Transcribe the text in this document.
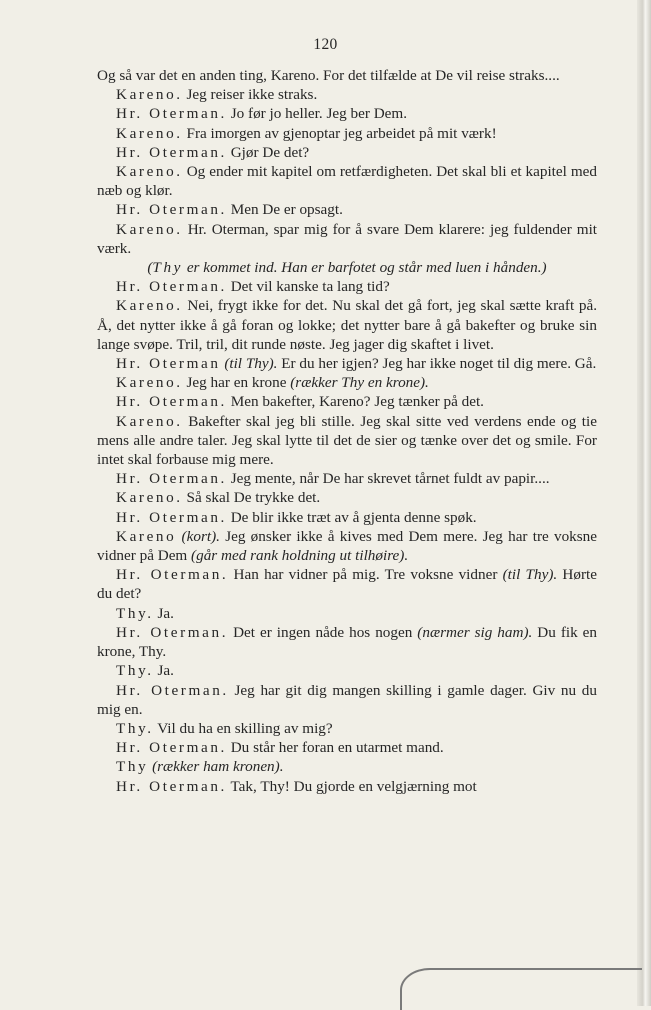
120

Og så var det en anden ting, Kareno. For det tilfælde at De vil reise straks....

Kareno. Jeg reiser ikke straks.

Hr. Oterman. Jo før jo heller. Jeg ber Dem.

Kareno. Fra imorgen av gjenoptar jeg arbeidet på mit værk!

Hr. Oterman. Gjør De det?

Kareno. Og ender mit kapitel om retfærdigheten. Det skal bli et kapitel med næb og klør.

Hr. Oterman. Men De er opsagt.

Kareno. Hr. Oterman, spar mig for å svare Dem klarere: jeg fuldender mit værk.

(Thy er kommet ind. Han er barfotet og står med luen i hånden.)

Hr. Oterman. Det vil kanske ta lang tid?

Kareno. Nei, frygt ikke for det. Nu skal det gå fort, jeg skal sætte kraft på. Å, det nytter ikke å gå foran og lokke; det nytter bare å gå bakefter og bruke sin lange svøpe. Tril, tril, dit runde nøste. Jeg jager dig skaftet i livet.

Hr. Oterman (til Thy). Er du her igjen? Jeg har ikke noget til dig mere. Gå.

Kareno. Jeg har en krone (rækker Thy en krone).

Hr. Oterman. Men bakefter, Kareno? Jeg tænker på det.

Kareno. Bakefter skal jeg bli stille. Jeg skal sitte ved verdens ende og tie mens alle andre taler. Jeg skal lytte til det de sier og tænke over det og smile. For intet skal forbause mig mere.

Hr. Oterman. Jeg mente, når De har skrevet tårnet fuldt av papir....

Kareno. Så skal De trykke det.

Hr. Oterman. De blir ikke træt av å gjenta denne spøk.

Kareno (kort). Jeg ønsker ikke å kives med Dem mere. Jeg har tre voksne vidner på Dem (går med rank holdning ut tilhøire).

Hr. Oterman. Han har vidner på mig. Tre voksne vidner (til Thy). Hørte du det?

Thy. Ja.

Hr. Oterman. Det er ingen nåde hos nogen (nærmer sig ham). Du fik en krone, Thy.

Thy. Ja.

Hr. Oterman. Jeg har git dig mangen skilling i gamle dager. Giv nu du mig en.

Thy. Vil du ha en skilling av mig?

Hr. Oterman. Du står her foran en utarmet mand.

Thy (rækker ham kronen).

Hr. Oterman. Tak, Thy! Du gjorde en velgjærning mot
